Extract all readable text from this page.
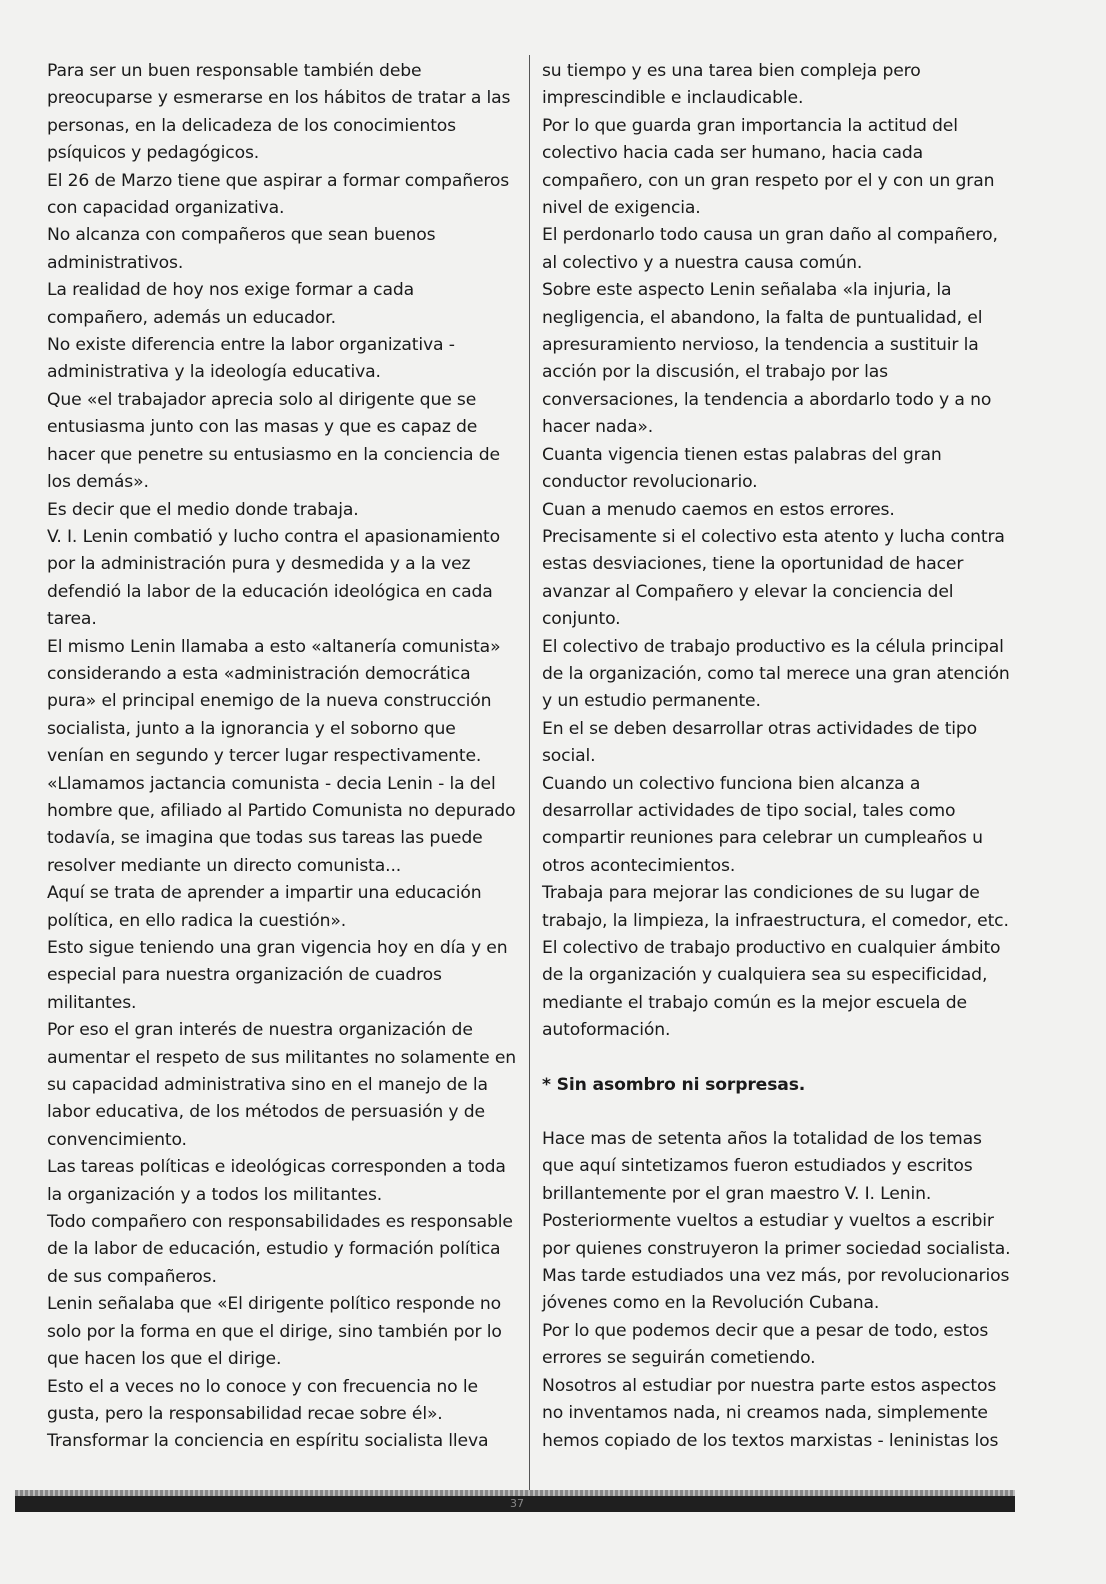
Para ser un buen responsable también debe preocuparse y esmerarse en los hábitos de tratar a las personas, en la delicadeza de los conocimientos psíquicos y pedagógicos.

El 26 de Marzo tiene que aspirar a formar compañeros con capacidad organizativa.

No alcanza con compañeros que sean buenos administrativos.

La realidad de hoy nos exige formar a cada compañero, además un educador.

No existe diferencia entre la labor organizativa - administrativa y la ideología educativa.

Que «el trabajador aprecia solo al dirigente que se entusiasma junto con las masas y que es capaz de hacer que penetre su entusiasmo en la conciencia de los demás».

Es decir que el medio donde trabaja.

V. I. Lenin combatió y lucho contra el apasionamiento por la administración pura y desmedida y a la vez defendió la labor de la educación ideológica en cada tarea.

El mismo Lenin llamaba a esto «altanería comunista» considerando a esta «administración democrática pura» el principal enemigo de la nueva construcción socialista, junto a la ignorancia y el soborno que venían en segundo y tercer lugar respectivamente.

«Llamamos jactancia comunista - decia Lenin - la del hombre que, afiliado al Partido Comunista no depurado todavía, se imagina que todas sus tareas las puede resolver mediante un directo comunista...

Aquí se trata de aprender a impartir una educación política, en ello radica la cuestión».

Esto sigue teniendo una gran vigencia hoy en día y en especial para nuestra organización de cuadros militantes.

Por eso el gran interés de nuestra organización de aumentar el respeto de sus militantes no solamente en su capacidad administrativa sino en el manejo de la labor educativa, de los métodos de persuasión y de convencimiento.

Las tareas políticas e ideológicas corresponden a toda la organización y a todos los militantes.

Todo compañero con responsabilidades es responsable de la labor de educación, estudio y formación política de sus compañeros.

Lenin señalaba que «El dirigente político responde no solo por la forma en que el dirige, sino también por lo que hacen los que el dirige.

Esto el a veces no lo conoce y con frecuencia no le gusta, pero la responsabilidad recae sobre él».

Transformar la conciencia en espíritu socialista lleva

su tiempo y es una tarea bien compleja pero imprescindible e inclaudicable.

Por lo que guarda gran importancia la actitud del colectivo hacia cada ser humano, hacia cada compañero, con un gran respeto por el y con un gran nivel de exigencia.

El perdonarlo todo causa un gran daño al compañero, al colectivo y a nuestra causa común.

Sobre este aspecto Lenin señalaba «la injuria, la negligencia, el abandono, la falta de puntualidad, el apresuramiento nervioso, la tendencia a sustituir la acción por la discusión, el trabajo por las conversaciones, la tendencia a abordarlo todo y a no hacer nada».

Cuanta vigencia tienen estas palabras del gran conductor revolucionario.

Cuan a menudo caemos en estos errores.

Precisamente si el colectivo esta atento y lucha contra estas desviaciones, tiene la oportunidad de hacer avanzar al Compañero y elevar la conciencia del conjunto.

El colectivo de trabajo productivo es la célula principal de la organización, como tal merece una gran atención y un estudio permanente.

En el se deben desarrollar otras actividades de tipo social.

Cuando un colectivo funciona bien alcanza a desarrollar actividades de tipo social, tales como compartir reuniones para celebrar un cumpleaños u otros acontecimientos.

Trabaja para mejorar las condiciones de su lugar de trabajo, la limpieza, la infraestructura, el comedor, etc. El colectivo de trabajo productivo en cualquier ámbito de la organización y cualquiera sea su especificidad, mediante el trabajo común es la mejor escuela de autoformación.

* Sin asombro ni sorpresas.

Hace mas de setenta años la totalidad de los temas que aquí sintetizamos fueron estudiados y escritos brillantemente por el gran maestro V. I. Lenin.

Posteriormente vueltos a estudiar y vueltos a escribir por quienes construyeron la primer sociedad socialista. Mas tarde estudiados una vez más, por revolucionarios jóvenes como en la Revolución Cubana.

Por lo que podemos decir que a pesar de todo, estos errores se seguirán cometiendo.

Nosotros al estudiar por nuestra parte estos aspectos no inventamos nada, ni creamos nada, simplemente hemos copiado de los textos marxistas - leninistas los

37
